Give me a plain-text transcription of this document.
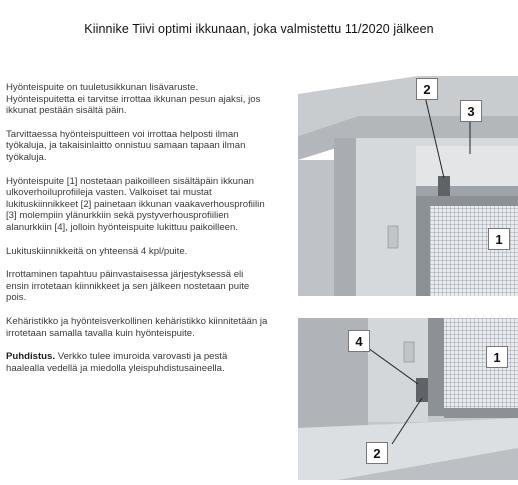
Kiinnike Tiivi optimi ikkunaan, joka valmistettu 11/2020 jälkeen

Hyönteispuite on tuuletusikkunan lisävaruste. Hyönteispuitetta ei tarvitse irrottaa ikkunan pesun ajaksi, jos ikkunat pestään sisältä päin.

Tarvittaessa hyönteispuitteen voi irrottaa helposti ilman työkaluja, ja takaisinlaitto onnistuu samaan tapaan ilman työkaluja.

Hyönteispuite [1] nostetaan paikoilleen sisältäpäin ikkunan ulkoverhoiluprofiileja vasten. Valkoiset tai mustat lukituskiinnikkeet [2] painetaan ikkunan vaakaverhousprofiilin [3] molempiin ylänurkkiin sekä pystyverhousprofiilien alanurkkiin [4], jolloin hyönteispuite lukittuu paikoilleen.

Lukituskiinnikkeitä on yhteensä 4 kpl/puite.

Irrottaminen tapahtuu päinvastaisessa järjestyksessä eli ensin irrotetaan kiinnikkeet ja sen jälkeen nostetaan puite pois.

Kehäristikko ja hyönteisverkollinen kehäristikko kiinnitetään ja irrotetaan samalla tavalla kuin hyönteispuite.

Puhdistus. Verkko tulee imuroida varovasti ja pestä haalealla vedellä ja miedolla yleispuhdistusaineella.

2
3
1
4
1
2
